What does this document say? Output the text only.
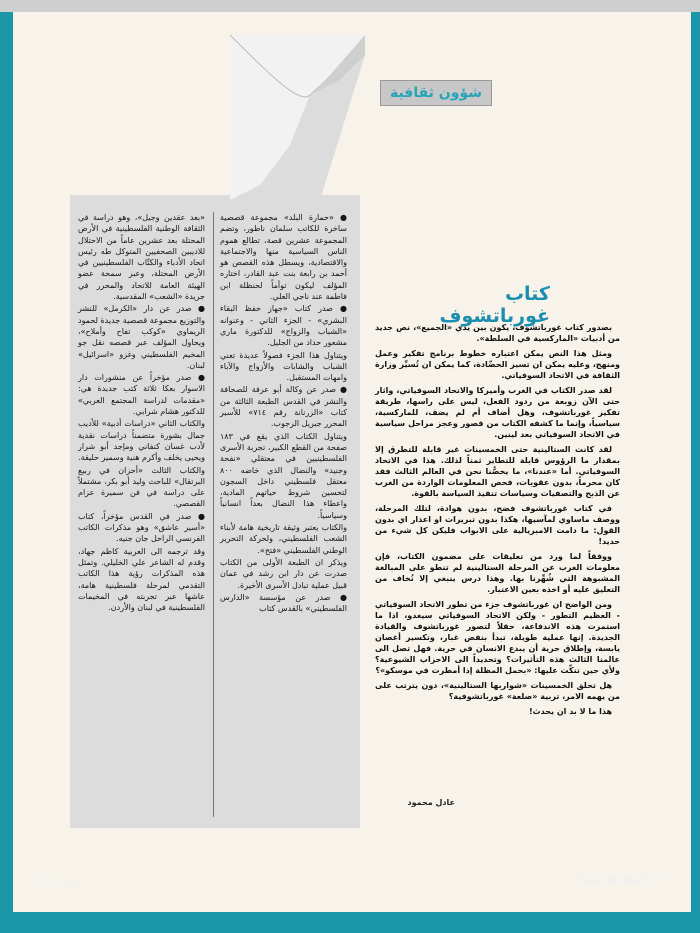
شؤون ثقافية
كتاب غورباتشوف

بصدور كتاب غورباتشوف، يكون بين يدي «الجميع»، نص جديد من أدبيات «الماركسية في السلطة».

ومثل هذا النص يمكن اعتباره خطوط برنامج تفكير وعمل ومنهج، وعليه يمكن ان تسير الحضّادة، كما يمكن ان تُسيِّر وزارة الثقافة في الاتحاد السوفياتي.

لقد صدر الكتاب في الغرب وأميركا والاتحاد السوفياتي، واثار حتى الآن زوبعة من ردود الفعل، ليس على راسها، طريقة تفكير غورباتشوف، وهل أضاف أم لم يضف، للماركسية، سياسياً، وإنما ما كشفه الكتاب من قصور وعجز مراحل سياسية في الاتحاد السوفياتي بعد لينين.

لقد كانت الستالينية حتى الخمسينات غير قابلة للتطرق إلا بمقدار ما الرؤوس قابلة للتطاير ثمناً لذلك. هذا في الاتحاد السوفياتي. أما «عندنا»، ما يخصُّنا نحن في العالم الثالث فقد كان محرماً، بدون عقوبات، فحص المعلومات الواردة من الغرب عن الذبح والتصفيات وسياسات تنفيذ السياسة بالقوة.

في كتاب غورباتشوف فضح، بدون هوادة، لتلك المرحلة، ووصف ماساوي لمآسيها، هكذا بدون تبريرات او اعذار اي بدون القول: ما دامت الامبريالية على الابواب فليكن كل شيء من حديد!

ووفقاً لما ورد من تعليقات على مضمون الكتاب، فإن معلومات الغرب عن المرحلة الستالينية لم تنطو على المبالغة المشبوهة التي شُهِّرنا بها. وهذا درس ينبغي إلا نُخاف من التعليق عليه أو اخذه بعين الاعتبار.

ومن الواضح ان غورباتشوف جزء من تطور الاتحاد السوفياتي - العظيم التطور - ولكن الاتحاد السوفياتي سيغدو، اذا ما استمرت هذه الاندفاعة، حقلاً لتصور غورباتشوف والقيادة الجديدة. إنها عملية طويلة، تبدأ بنفض غبار، وتكسير أغصان يابسة، وإطلاق حرية أن يبدع الانسان في حرية. فهل تصل الى عالمنا الثالث هذه التأثيرات؟ وتحديداً الى الاحزاب الشيوعية؟ ولأي حين تنكّت عليها: «بحمل المظلة إذا أمطرت في موسكو»؟

هل تحلق الخمسينات «شواربها الستالينية»، دون يترتب على من يهمه الامر، تربية «صلعة» غورباتشوفية؟

هذا ما لا بد ان يحدث!

عادل محمود

● «حمارة البلد» مجموعة قصصية ساخرة للكاتب سلمان ناطور، وتضم المجموعة عشرين قصة، تطالع هموم الناس السياسية منها والاجتماعية والاقتصادية، ويسطل هذه القصص هو أحمد بن رابعة بنت عبد القادر، اختاره المؤلف ليكون توأماً لحنظلة ابن فاطمة عند ناجي العلي.

● صدر كتاب «جهاز حفظ البقاء البشري» - الجزء الثاني - وعنوانه «الشباب والزواج» للدكتورة ماري مشعور حداد من الجليل.

ويتناول هذا الجزء فصولاً عديدة تعني الشباب والشابات والأزواج والآباء وامهات المستقبل.

● صدر عن وكالة أبو عرفة للصحافة والنشر في القدس الطبعة الثالثة من كتاب «الزرنانة رقم ٧١٤» للأسير المحرر جبريل الرجوب.

ويتناول الكتاب الذي يقع في ١٨٣ صفحة من القطع الكبير، تجربة الأسرى الفلسطينيين في معتقلي «نفحة وجنيد» والنضال الذي خاضه ٨٠٠ معتقل فلسطيني داخل السجون لتحسين شروط حياتهم المادية، واعطاء هذا النضال بعداً انسانياً وسياسياً.

والكتاب يعتبر وثيقة تاريخية هامة لأبناء الشعب الفلسطيني، ولحركة التحرير الوطني الفلسطيني «فتح».

ويذكر ان الطبعة الأولى من الكتاب صدرت عن دار ابن رشد في عمان قبيل عملية تبادل الأسرى الأخيرة.

● صدر عن مؤسسة «الدارس الفلسطيني» بالقدس كتاب

«بعد عقدين وجيل»، وهو دراسة في الثقافة الوطنية الفلسطينية في الأرض المحتلة بعد عشرين عاماً من الاحتلال للاديبين الصحفيين المتوكل طه رئيس اتحاد الأدباء والكتّاب الفلسطينيين في الأرض المحتلة، وعبر سمحة عضو الهيئة العامة للاتحاد والمحرر في جريدة «الشعب» المقدسية.

● صدر عن دار «الكرمل» للنشر والتوزيع مجموعة قصصية جديدة لحمود الريماوي «كوكب تفاح وأملاح»، ويحاول المؤلف عبر قصصه نقل جو المخيم الفلسطيني وغزو «اسرائيل» لبنان.

● صدر مؤخراً عن منشورات دار الاسوار بعكا ثلاثة كتب جديدة هي: «مقدمات لدراسة المجتمع العربي» للدكتور هشام شرابي.

والكتاب الثاني «دراسات أدبية» للأديب جمال بشورة متضمناً دراسات نقدية لأدب غسان كنفاني ومإجد أبو شرار ويحيى يخلف وأكرم هنية وسمير حليقة.

والكتاب الثالث «أحزان في ربيع البرتقال» للباحث وليد أبو بكر، مشتملاً على دراسة في فن سميرة عزام القصصي.

● صدر في القدس مؤخراً، كتاب «أسير عاشق» وهو مذكرات الكاتب الفرنسي الراحل جان جنيه.

وقد ترجمه الى العربية كاظم جهاد، وقدم له الشاعر علي الخليلي. وتمثل هذه المذكرات رؤية هذا الكاتب التقدمي لمرحلة فلسطينية هامة، عاشها عبر تجربته في المخيمات الفلسطينية في لبنان والأردن.

صوت البلاد ٤٥	Sawt Al-Bilad 45
